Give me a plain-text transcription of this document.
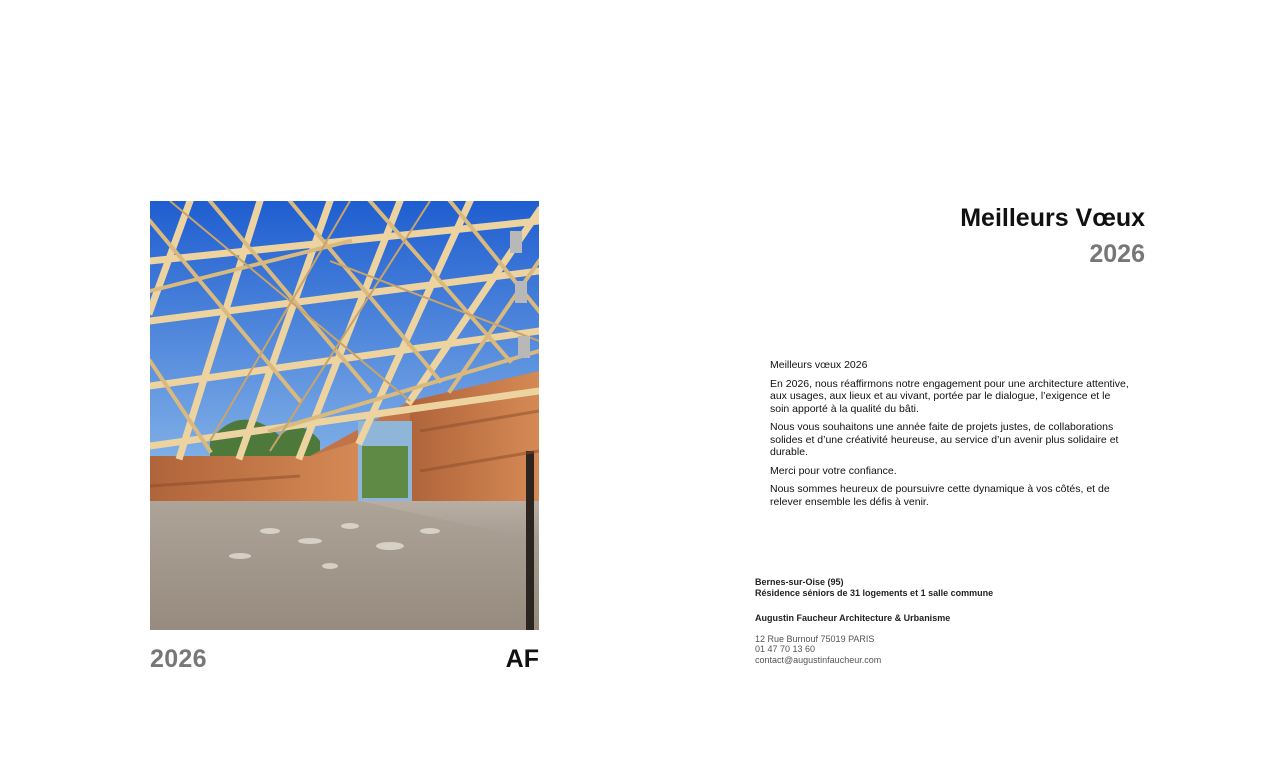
2026	AF
Meilleurs Vœux
2026

Meilleurs vœux 2026

En 2026, nous réaffirmons notre engagement pour une architecture attentive, aux usages, aux lieux et au vivant, portée par le dialogue, l’exigence et le soin apporté à la qualité du bâti.

Nous vous souhaitons une année faite de projets justes, de collaborations solides et d’une créativité heureuse, au service d’un avenir plus solidaire et durable.

Merci pour votre confiance.

Nous sommes heureux de poursuivre cette dynamique à vos côtés, et de relever ensemble les défis à venir.

Bernes-sur-Oise (95)
Résidence séniors de 31 logements et 1 salle commune
Augustin Faucheur Architecture & Urbanisme
12 Rue Burnouf 75019 PARIS
01 47 70 13 60
contact@augustinfaucheur.com
